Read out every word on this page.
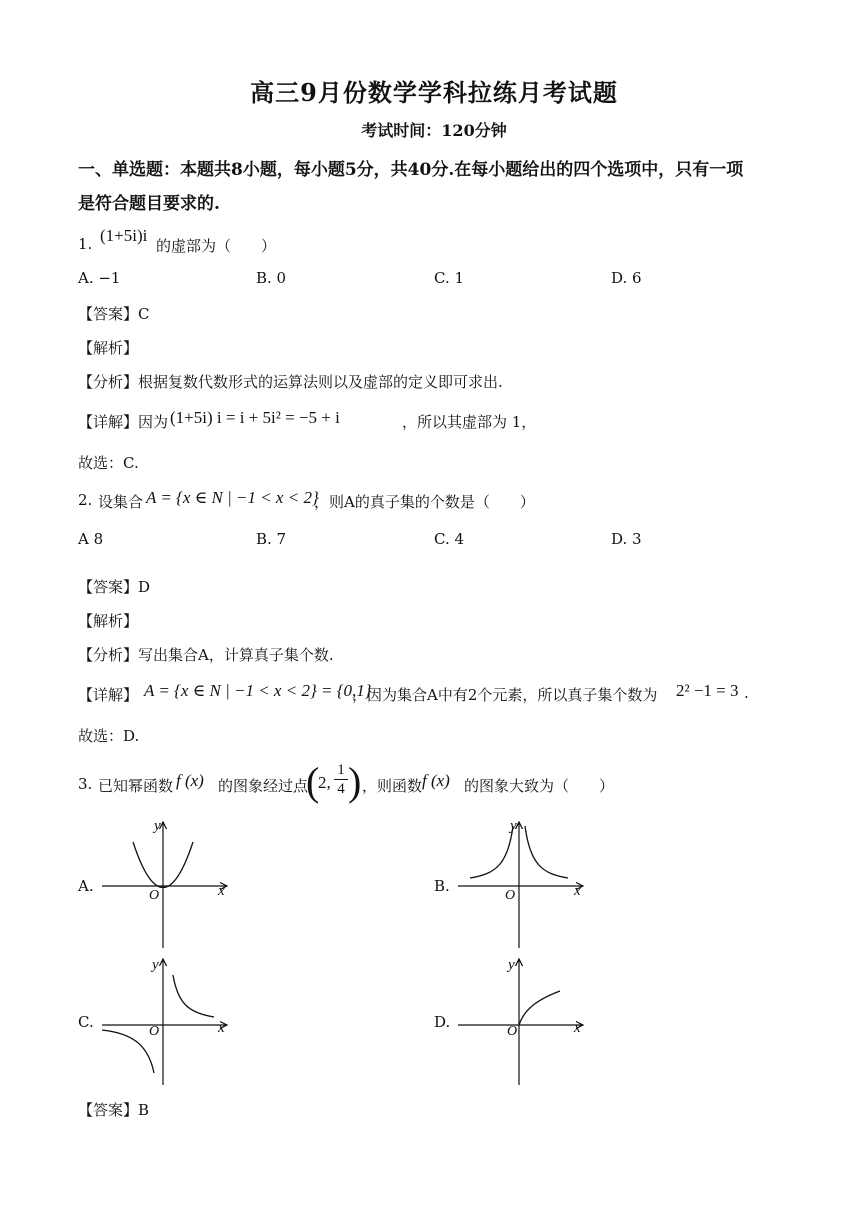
高三9月份数学学科拉练月考试题
考试时间：120分钟
一、单选题：本题共8小题，每小题5分，共40分.在每小题给出的四个选项中，只有一项
是符合题目要求的.
1. (1+5i)i
的虚部为（　　）
A. −1	B. 0	C. 1	D. 6
【答案】C
【解析】
【分析】根据复数代数形式的运算法则以及虚部的定义即可求出.
【详解】因为 (1+5i) i = i + 5i² = −5 + i	，所以其虚部为 1，
故选：C.
2. 设集合 A = {x ∈ N | −1 < x < 2}
，则A的真子集的个数是（　　）
A 8	B. 7	C. 4	D. 3
【答案】D
【解析】
【分析】写出集合A，计算真子集个数.
【详解】 A = {x ∈ N | −1 < x < 2} = {0,1}
，因为集合A中有2个元素，所以真子集个数为 2² −1 = 3 .
故选：D.
3. 已知幂函数 f (x) 的图象经过点
(
2,
1
4 ) ，则函数 f (x) 的图象大致为（　　）
A.
y
x
O
B.
y
x
O
C.
y
x
O
D.
y
x
O
【答案】B
